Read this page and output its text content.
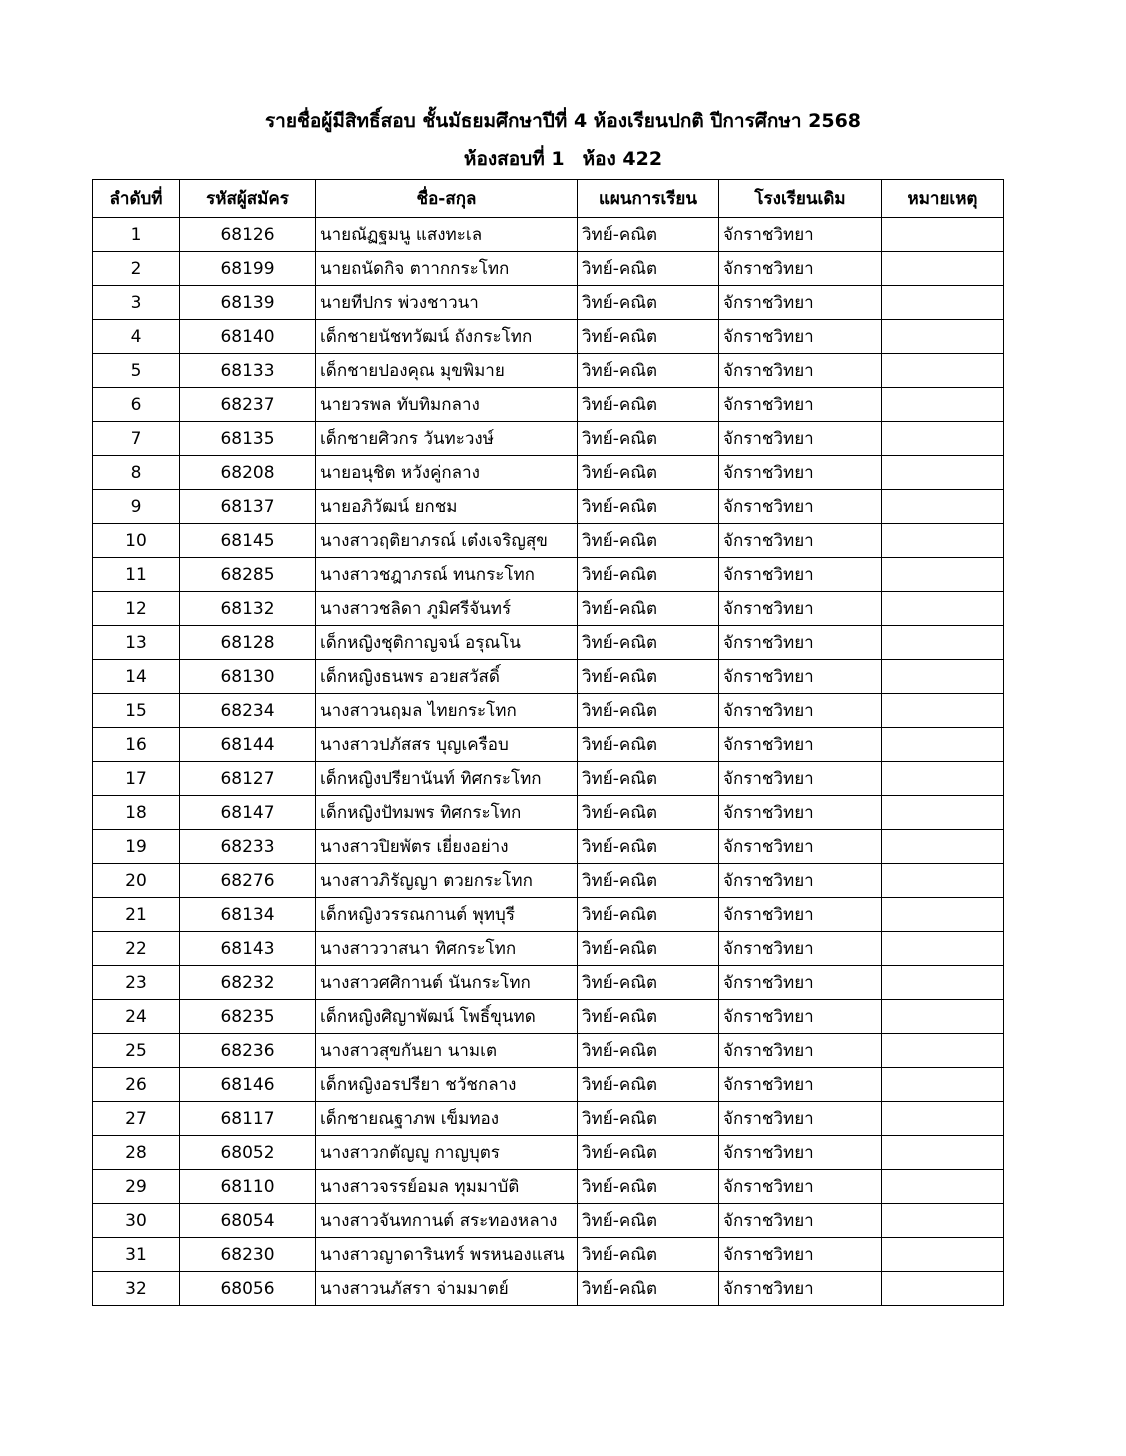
รายชื่อผู้มีสิทธิ์สอบ ชั้นมัธยมศึกษาปีที่ 4 ห้องเรียนปกติ ปีการศึกษา 2568
ห้องสอบที่ 1 ห้อง 422
ลำดับที่	รหัสผู้สมัคร	ชื่อ-สกุล	แผนการเรียน	โรงเรียนเดิม	หมายเหตุ
1	68126	นายณัฏฐมนู แสงทะเล	วิทย์-คณิต	จักราชวิทยา	
2	68199	นายถนัดกิจ ตาากกระโทก	วิทย์-คณิต	จักราชวิทยา	
3	68139	นายทีปกร พ่วงชาวนา	วิทย์-คณิต	จักราชวิทยา	
4	68140	เด็กชายนัชทวัฒน์ ถังกระโทก	วิทย์-คณิต	จักราชวิทยา	
5	68133	เด็กชายปองคุณ มุขพิมาย	วิทย์-คณิต	จักราชวิทยา	
6	68237	นายวรพล ทับทิมกลาง	วิทย์-คณิต	จักราชวิทยา	
7	68135	เด็กชายศิวกร วันทะวงษ์	วิทย์-คณิต	จักราชวิทยา	
8	68208	นายอนุชิต หวังคู่กลาง	วิทย์-คณิต	จักราชวิทยา	
9	68137	นายอภิวัฒน์ ยกชม	วิทย์-คณิต	จักราชวิทยา	
10	68145	นางสาวฤติยาภรณ์ เต๋งเจริญสุข	วิทย์-คณิต	จักราชวิทยา	
11	68285	นางสาวชฎาภรณ์ ทนกระโทก	วิทย์-คณิต	จักราชวิทยา	
12	68132	นางสาวชลิดา ภูมิศรีจันทร์	วิทย์-คณิต	จักราชวิทยา	
13	68128	เด็กหญิงชุติกาญจน์ อรุณโน	วิทย์-คณิต	จักราชวิทยา	
14	68130	เด็กหญิงธนพร อวยสวัสดิ์	วิทย์-คณิต	จักราชวิทยา	
15	68234	นางสาวนฤมล ไทยกระโทก	วิทย์-คณิต	จักราชวิทยา	
16	68144	นางสาวปภัสสร บุญเครือบ	วิทย์-คณิต	จักราชวิทยา	
17	68127	เด็กหญิงปรียานันท์ ทิศกระโทก	วิทย์-คณิต	จักราชวิทยา	
18	68147	เด็กหญิงปัทมพร ทิศกระโทก	วิทย์-คณิต	จักราชวิทยา	
19	68233	นางสาวปิยพัตร เยี่ยงอย่าง	วิทย์-คณิต	จักราชวิทยา	
20	68276	นางสาวภิรัญญา ตวยกระโทก	วิทย์-คณิต	จักราชวิทยา	
21	68134	เด็กหญิงวรรณกานต์ พุทบุรี	วิทย์-คณิต	จักราชวิทยา	
22	68143	นางสาววาสนา ทิศกระโทก	วิทย์-คณิต	จักราชวิทยา	
23	68232	นางสาวศศิกานต์ นันกระโทก	วิทย์-คณิต	จักราชวิทยา	
24	68235	เด็กหญิงศิญาพัฒน์ โพธิ์ขุนทด	วิทย์-คณิต	จักราชวิทยา	
25	68236	นางสาวสุขกันยา นามเต	วิทย์-คณิต	จักราชวิทยา	
26	68146	เด็กหญิงอรปรียา ชวัชกลาง	วิทย์-คณิต	จักราชวิทยา	
27	68117	เด็กชายณฐาภพ เข็มทอง	วิทย์-คณิต	จักราชวิทยา	
28	68052	นางสาวกตัญญู กาญบุตร	วิทย์-คณิต	จักราชวิทยา	
29	68110	นางสาวจรรย์อมล ทุมมาบัติ	วิทย์-คณิต	จักราชวิทยา	
30	68054	นางสาวจันทกานต์ สระทองหลาง	วิทย์-คณิต	จักราชวิทยา	
31	68230	นางสาวญาดารินทร์ พรหนองแสน	วิทย์-คณิต	จักราชวิทยา	
32	68056	นางสาวนภัสรา จ่ามมาตย์	วิทย์-คณิต	จักราชวิทยา	
